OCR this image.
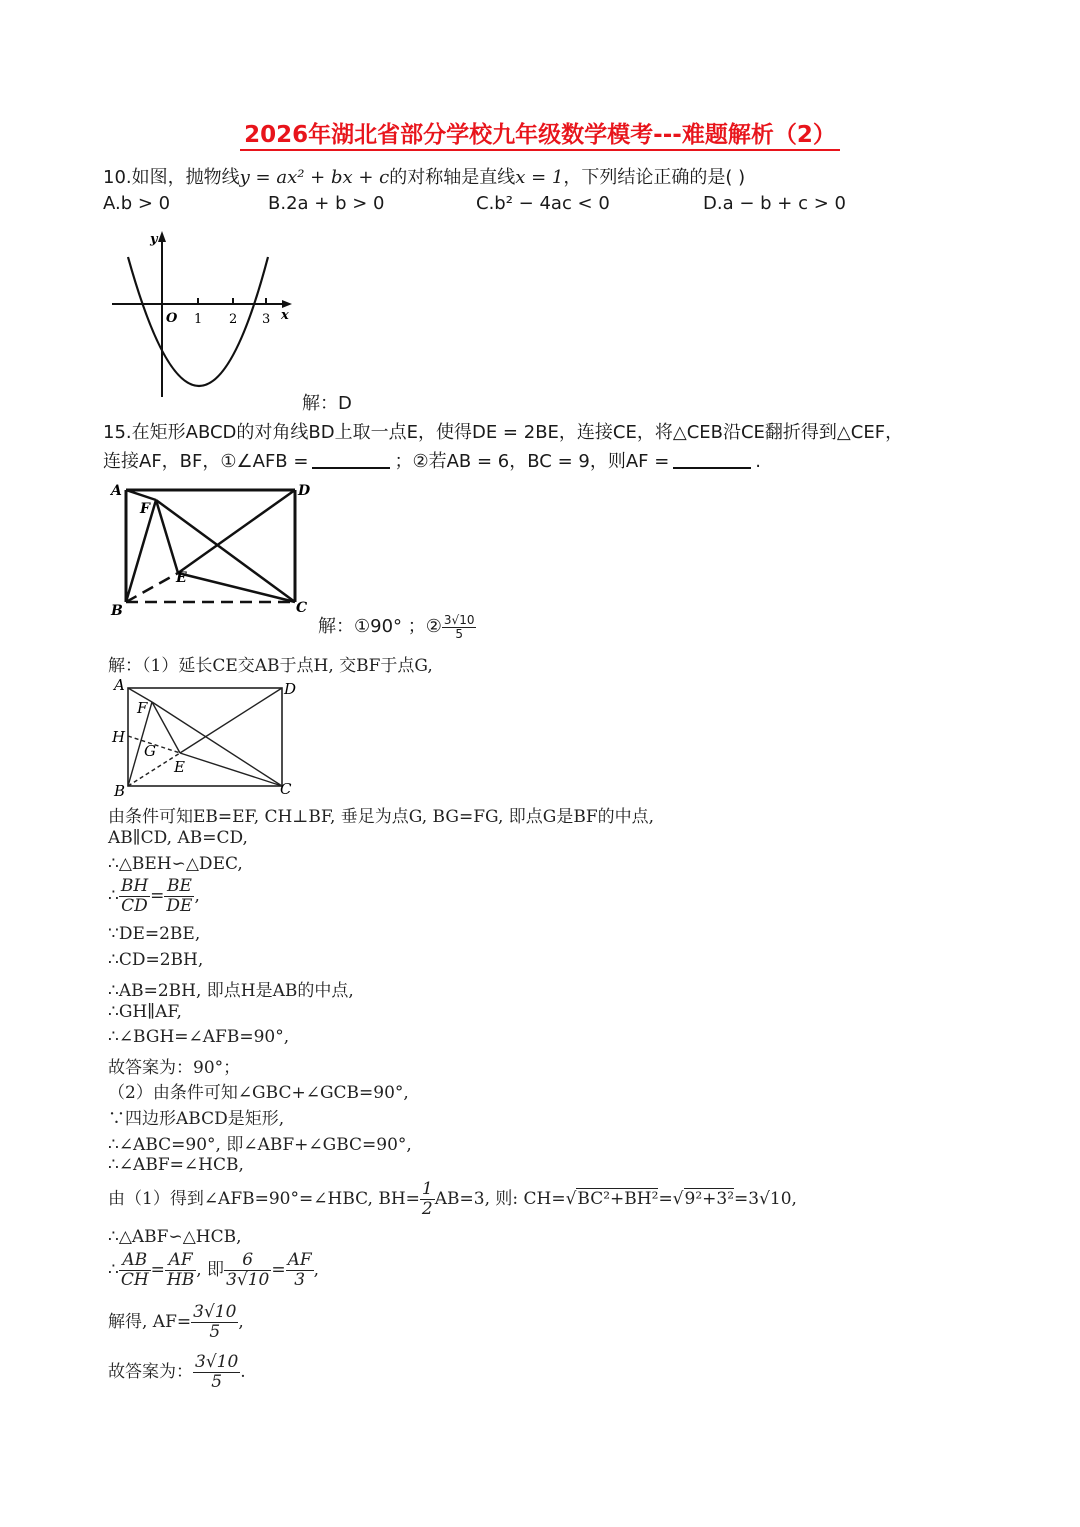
2026年湖北省部分学校九年级数学模考---难题解析（2）
10.如图，抛物线y = ax² + bx + c的对称轴是直线x = 1，下列结论正确的是( )
A.b > 0	B.2a + b > 0	C.b² − 4ac < 0	D.a − b + c > 0
y
O 1 2 3 x
解：D
15.在矩形ABCD的对角线BD上取一点E，使得DE = 2BE，连接CE，将△CEB沿CE翻折得到△CEF，
连接AF，BF，①∠AFB =	；②若AB = 6，BC = 9，则AF =	.
A	D
F
E
B	C
解：①90° ；② $\frac{3√10}{5}$
解：（1）延长CE交AB于点H, 交BF于点G,
A	D
F
H
G
E
B	C
由条件可知EB=EF, CH⊥BF, 垂足为点G, BG=FG, 即点G是BF的中点,
AB∥CD, AB=CD,
∴△BEH∽△DEC,
∴ $\frac{BH}{CD} = \frac{BE}{DE}$ ,
∵DE=2BE,
∴CD=2BH,
∴AB=2BH, 即点H是AB的中点,
∴GH∥AF,
∴∠BGH=∠AFB=90°,
故答案为：90°；
（2）由条件可知∠GBC+∠GCB=90°,
∵四边形ABCD是矩形,
∴∠ABC=90°, 即∠ABF+∠GBC=90°,
∴∠ABF=∠HCB,
由（1）得到∠AFB=90°=∠HBC, $BH= \frac{1}{2} AB=3$, 则: CH=√BC²+BH²=√9²+3²=3√10,
∴△ABF∽△HCB,
∴ $\frac{AB}{CH} = \frac{AF}{HB}$ , 即 $\frac{6}{3√10} = \frac{AF}{3}$ ,
解得, $AF= \frac{3√10}{5}$ ,
故答案为： $\frac{3√10}{5}$ .
